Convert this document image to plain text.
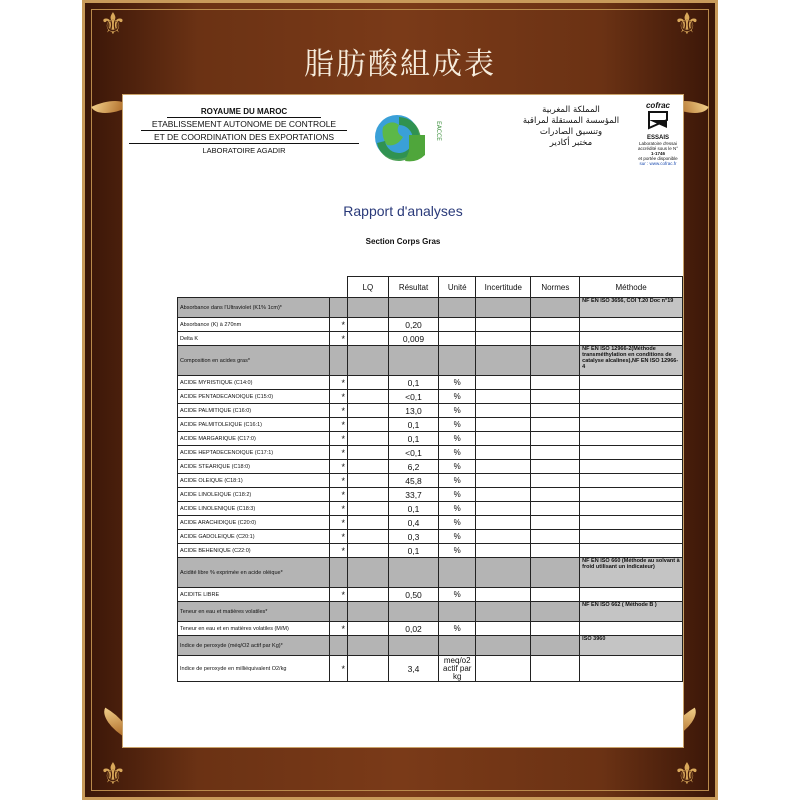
⚜	⚜
⚜	⚜
脂肪酸組成表
ROYAUME DU MAROC
ETABLISSEMENT AUTONOME DE CONTROLE
ET DE COORDINATION DES EXPORTATIONS
LABORATOIRE AGADIR
EACCE
المملكة المغربية
المؤسسة المستقلة لمراقبة
وتنسيق الصادرات
مختبر أكادير
cofrac
ESSAIS
Laboratoire d'essai
accrédité sous le N°
1-1746
et portée disponible
sur : www.cofrac.fr
Rapport d'analyses
Section Corps Gras
		LQ	Résultat	Unité	Incertitude	Normes	Méthode
Absorbance dans l'Ultraviolet (K1% 1cm)*							NF EN ISO 3656, COI T.20 Doc n°19
Absorbance (K) à 270nm	*		0,20				
Delta K	*		0,009				
Composition en acides gras*							NF EN ISO 12966-2(Méthode transméthylation en conditions de catalyse alcalines),NF EN ISO 12966-4
ACIDE MYRISTIQUE (C14:0)	*		0,1	%			
ACIDE PENTADECANOIQUE (C15:0)	*		<0,1	%			
ACIDE PALMITIQUE (C16:0)	*		13,0	%			
ACIDE PALMITOLEIQUE (C16:1)	*		0,1	%			
ACIDE MARGARIQUE (C17:0)	*		0,1	%			
ACIDE HEPTADECENOIQUE (C17:1)	*		<0,1	%			
ACIDE STEARIQUE (C18:0)	*		6,2	%			
ACIDE OLEIQUE (C18:1)	*		45,8	%			
ACIDE LINOLEIQUE (C18:2)	*		33,7	%			
ACIDE LINOLENIQUE (C18:3)	*		0,1	%			
ACIDE ARACHIDIQUE (C20:0)	*		0,4	%			
ACIDE GADOLEIQUE (C20:1)	*		0,3	%			
ACIDE BEHENIQUE (C22:0)	*		0,1	%			
Acidité libre % exprimée en acide oléique*							NF EN ISO 660 (Méthode au solvant à froid utilisant un indicateur)
ACIDITE LIBRE	*		0,50	%			
Teneur en eau et matières volatiles*							NF EN ISO 662 ( Méthode B )
Teneur en eau et en matières volatiles (M/M)	*		0,02	%			
Indice de peroxyde (méq/O2 actif par Kg)*							ISO 3960
Indice de peroxyde en milliéquivalent O2/kg	*		3,4	meq/o2 actif par kg			
